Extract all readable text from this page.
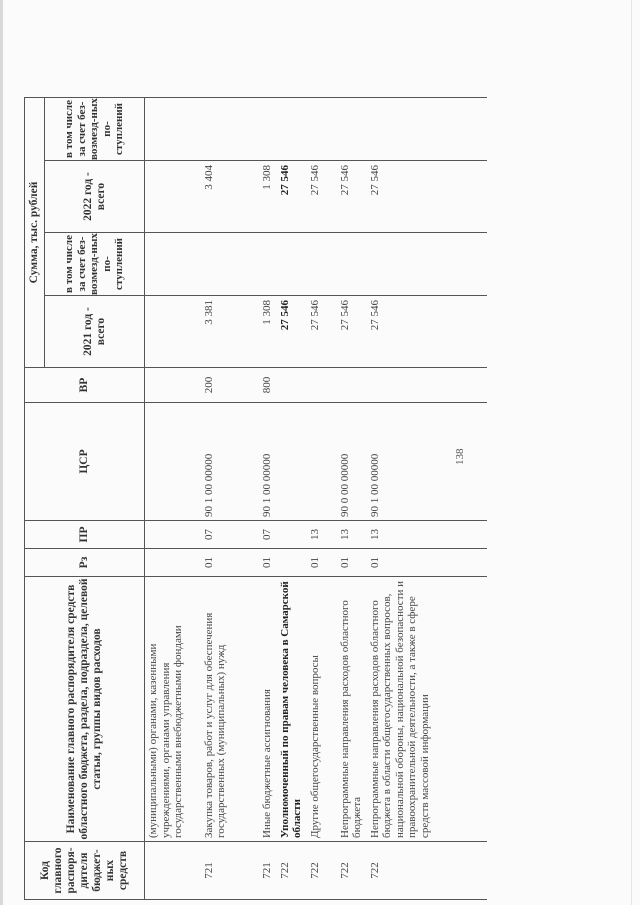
138
Код главного распоря-дителя бюджет-ных средств	Наименование главного распорядителя средств областного бюджета, раздела, подраздела, целевой статьи, группы видов расходов	Рз	ПР	ЦСР	ВР	Сумма, тыс. рублей			
						2021 год - всего	в том числе за счет без-возмезд-ных по-ступлений	2022 год - всего	в том числе за счет без-возмезд-ных по-ступлений

	(муниципальными) органами, казенными учреждениями, органами управления государственными внебюджетными фондами								

721	Закупка товаров, работ и услуг для обеспечения государственных (муниципальных) нужд	01	07	90 1 00 00000	200	3 381		3 404	

721	Иные бюджетные ассигнования	01	07	90 1 00 00000	800	1 308		1 308	

722	Уполномоченный по правам человека в Самарской области					27 546		27 546	

722	Другие общегосударственные вопросы	01	13			27 546		27 546	

722	Непрограммные направления расходов областного бюджета	01	13	90 0 00 00000		27 546		27 546	

722	Непрограммные направления расходов областного бюджета в области общегосударственных вопросов, национальной обороны, национальной безопасности и правоохранительной деятельности, а также в сфере средств массовой информации	01	13	90 1 00 00000		27 546		27 546	
